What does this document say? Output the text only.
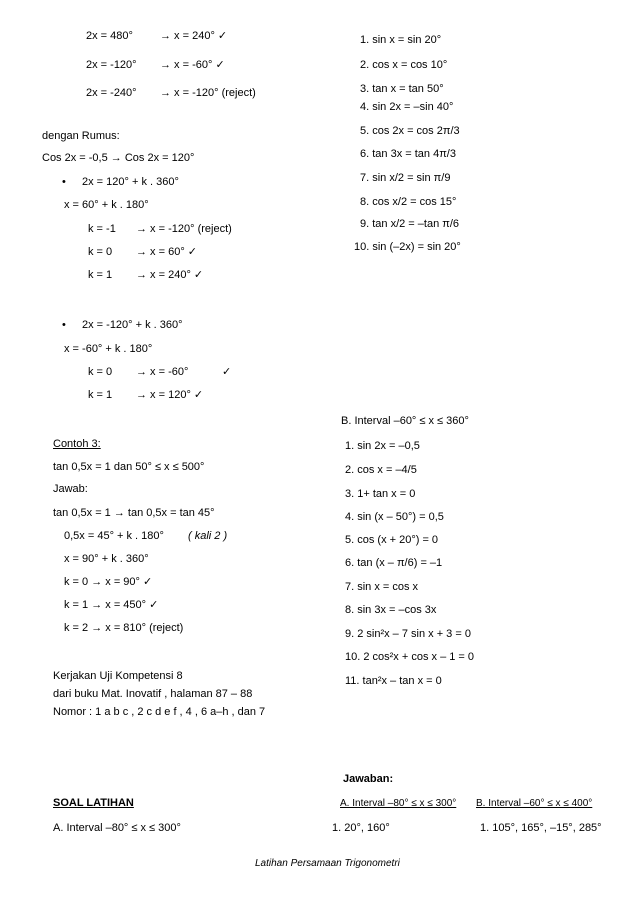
2x = 480° → x = 240° ✓
2x = -120° → x = -60° ✓
2x = -240° → x = -120° (reject)
dengan Rumus:
Cos 2x = -0,5 → Cos 2x = 120°
• 2x = 120° + k . 360°
x = 60° + k . 180°
k = -1 → x = -120° (reject)
k = 0 → x = 60° ✓
k = 1 → x = 240° ✓
• 2x = -120° + k . 360°
x = -60° + k . 180°
k = 0 → x = -60°	✓
k = 1 → x = 120° ✓
1. sin x = sin 20°
2. cos x = cos 10°
3. tan x = tan 50°
4. sin 2x = –sin 40°
5. cos 2x = cos 2π/3
6. tan 3x = tan 4π/3
7. sin x/2 = sin π/9
8. cos x/2 = cos 15°
9. tan x/2 = –tan π/6
10. sin (–2x) = sin 20°
B. Interval –60° ≤ x ≤ 360°
1. sin 2x = –0,5
2. cos x = –4/5
3. 1+ tan x = 0
4. sin (x – 50°) = 0,5
5. cos (x + 20°) = 0
6. tan (x – π/6) = –1
7. sin x = cos x
8. sin 3x = –cos 3x
9. 2 sin²x – 7 sin x + 3 = 0
10. 2 cos²x + cos x – 1 = 0
11. tan²x – tan x = 0
Contoh 3:
tan 0,5x = 1 dan 50° ≤ x ≤ 500°
Jawab:
tan 0,5x = 1 → tan 0,5x = tan 45°
0,5x = 45° + k . 180° ( kali 2 )
x = 90° + k . 360°
k = 0 → x = 90° ✓
k = 1 → x = 450° ✓
k = 2 → x = 810° (reject)
Kerjakan Uji Kompetensi 8
dari buku Mat. Inovatif , halaman 87 – 88
Nomor : 1 a b c , 2 c d e f , 4 , 6 a–h , dan 7
Jawaban:
A. Interval –80° ≤ x ≤ 300° B. Interval –60° ≤ x ≤ 400°
1. 20°, 160°	1. 105°, 165°, –15°, 285°
SOAL LATIHAN
A. Interval –80° ≤ x ≤ 300°
Latihan Persamaan Trigonometri
